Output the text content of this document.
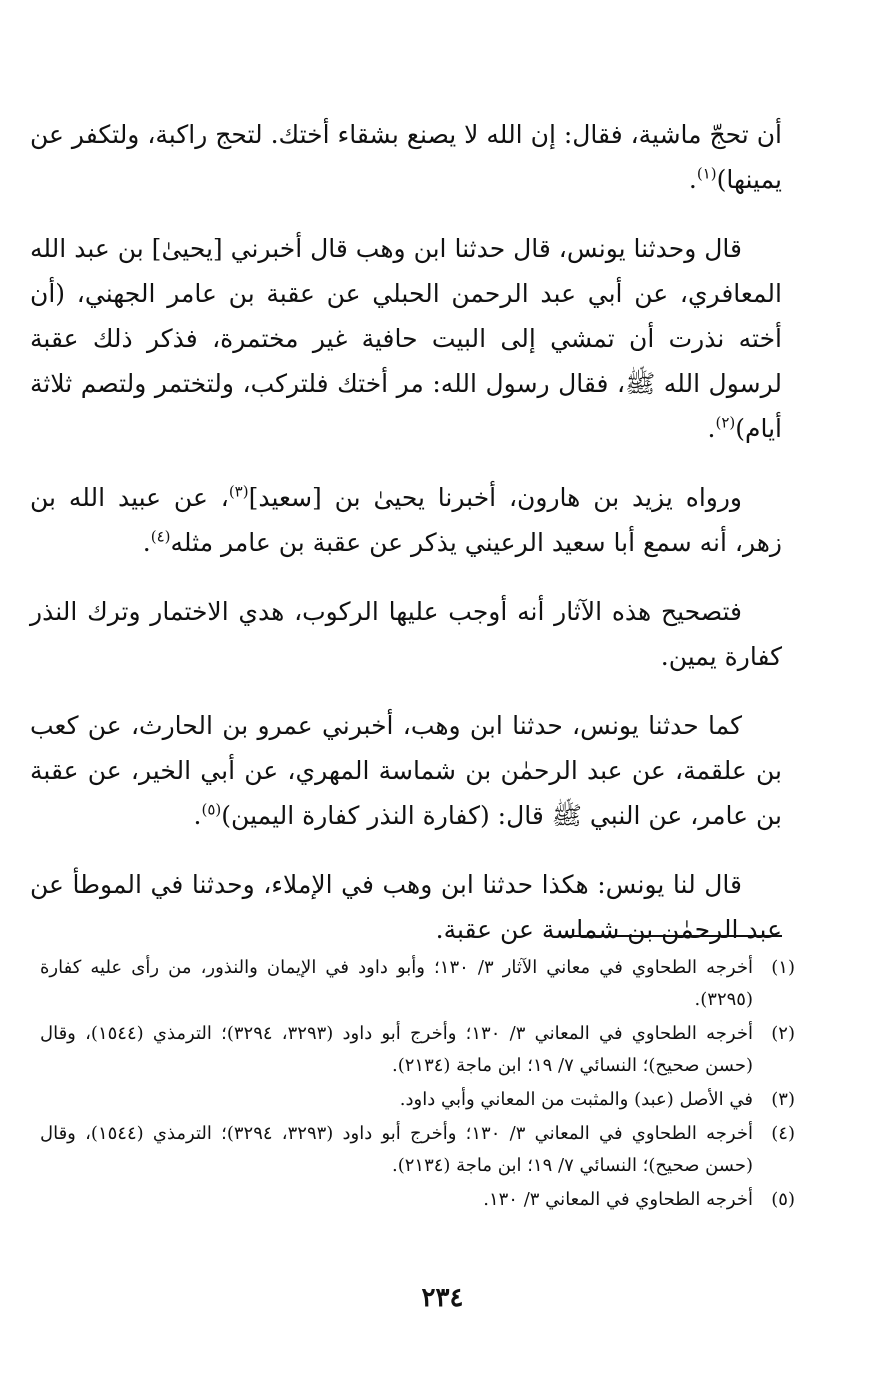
أن تحجّ ماشية، فقال: إن الله لا يصنع بشقاء أختك. لتحج راكبة، ولتكفر عن يمينها)$^{(١)}$.

قال وحدثنا يونس، قال حدثنا ابن وهب قال أخبرني [يحيىٰ] بن عبد الله المعافري، عن أبي عبد الرحمن الحبلي عن عقبة بن عامر الجهني، (أن أخته نذرت أن تمشي إلى البيت حافية غير مختمرة، فذكر ذلك عقبة لرسول الله ﷺ، فقال رسول الله: مر أختك فلتركب، ولتختمر ولتصم ثلاثة أيام)$^{(٢)}$.

ورواه يزيد بن هارون، أخبرنا يحيىٰ بن [سعيد]$^{(٣)}$، عن عبيد الله بن زهر، أنه سمع أبا سعيد الرعيني يذكر عن عقبة بن عامر مثله$^{(٤)}$.

فتصحيح هذه الآثار أنه أوجب عليها الركوب، هدي الاختمار وترك النذر كفارة يمين.

كما حدثنا يونس، حدثنا ابن وهب، أخبرني عمرو بن الحارث، عن كعب بن علقمة، عن عبد الرحمٰن بن شماسة المهري، عن أبي الخير، عن عقبة بن عامر، عن النبي ﷺ قال: (كفارة النذر كفارة اليمين)$^{(٥)}$.

قال لنا يونس: هكذا حدثنا ابن وهب في الإملاء، وحدثنا في الموطأ عن عبد الرحمٰن بن شماسة عن عقبة.

(١)
أخرجه الطحاوي في معاني الآثار ٣/ ١٣٠؛ وأبو داود في الإيمان والنذور، من رأى عليه كفارة (٣٢٩٥).
(٢)
أخرجه الطحاوي في المعاني ٣/ ١٣٠؛ وأخرج أبو داود (٣٢٩٣، ٣٢٩٤)؛ الترمذي (١٥٤٤)، وقال (حسن صحيح)؛ النسائي ٧/ ١٩؛ ابن ماجة (٢١٣٤).
(٣)
في الأصل (عبد) والمثبت من المعاني وأبي داود.
(٤)
أخرجه الطحاوي في المعاني ٣/ ١٣٠؛ وأخرج أبو داود (٣٢٩٣، ٣٢٩٤)؛ الترمذي (١٥٤٤)، وقال (حسن صحيح)؛ النسائي ٧/ ١٩؛ ابن ماجة (٢١٣٤).
(٥)
أخرجه الطحاوي في المعاني ٣/ ١٣٠.
٢٣٤
